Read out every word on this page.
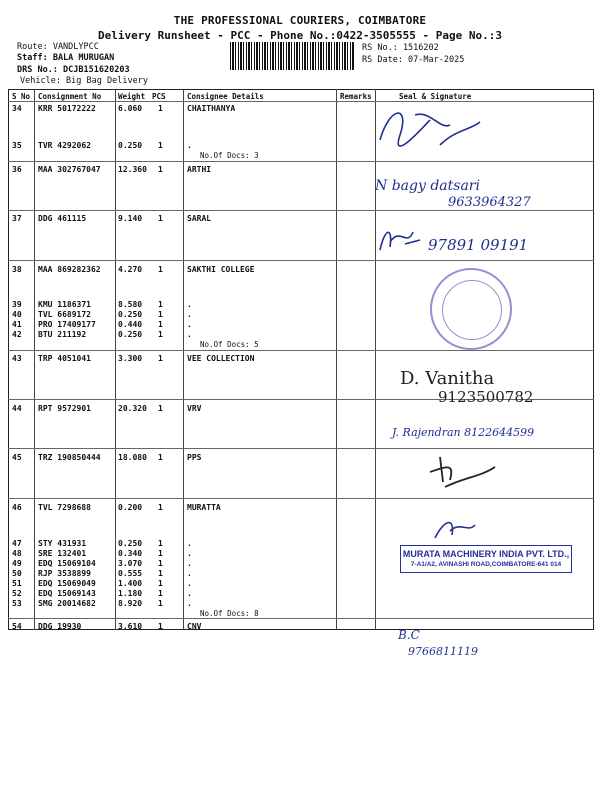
THE PROFESSIONAL COURIERS, COIMBATORE
Delivery Runsheet - PCC - Phone No.:0422-3505555 - Page No.:3
Route: VANDLYPCC
Staff: BALA MURUGAN
DRS No.: DCJB151620203
Vehicle: Big Bag Delivery
RS No.: 1516202
RS Date: 07-Mar-2025
S No Consignment No Weight PCS	Consignee Details	Remarks	Seal & Signature
34 KRR 50172222	6.060 1	CHAITHANYA
35 TVR 4292062	0.250 1	.
No.Of Docs: 3
36 MAA 302767047 12.360 1	ARTHI
37 DDG 461115	9.140 1	SARAL
38 MAA 869282362 4.270 1	SAKTHI COLLEGE
39 KMU 1186371	8.580 1	.
40 TVL 6689172	0.250 1	.
41 PRO 17409177	0.440 1	.
42 BTU 211192	0.250 1	.
No.Of Docs: 5
43 TRP 4051041	3.300 1	VEE COLLECTION
44 RPT 9572901	20.320 1	VRV
45 TRZ 190850444 18.080 1	PPS
46 TVL 7298688	0.200 1	MURATTA
47 STY 431931	0.250 1	.
48 SRE 132401	0.340 1	.
49 EDQ 15069104	3.070 1	.
50 RJP 3538899	0.555 1	.
51 EDQ 15069049	1.400 1	.
52 EDQ 15069143	1.180 1	.
53 SMG 20014682	8.920 1	.
No.Of Docs: 8
54 DDG 19930	3.610 1	CNV
N bagy datsari
9633964327
97891 09191
D. Vanitha
9123500782
J. Rajendran 8122644599
MURATA MACHINERY INDIA PVT. LTD.,
7-A1/A2, AVINASHI ROAD,COIMBATORE-641 014
B.C
9766811119
